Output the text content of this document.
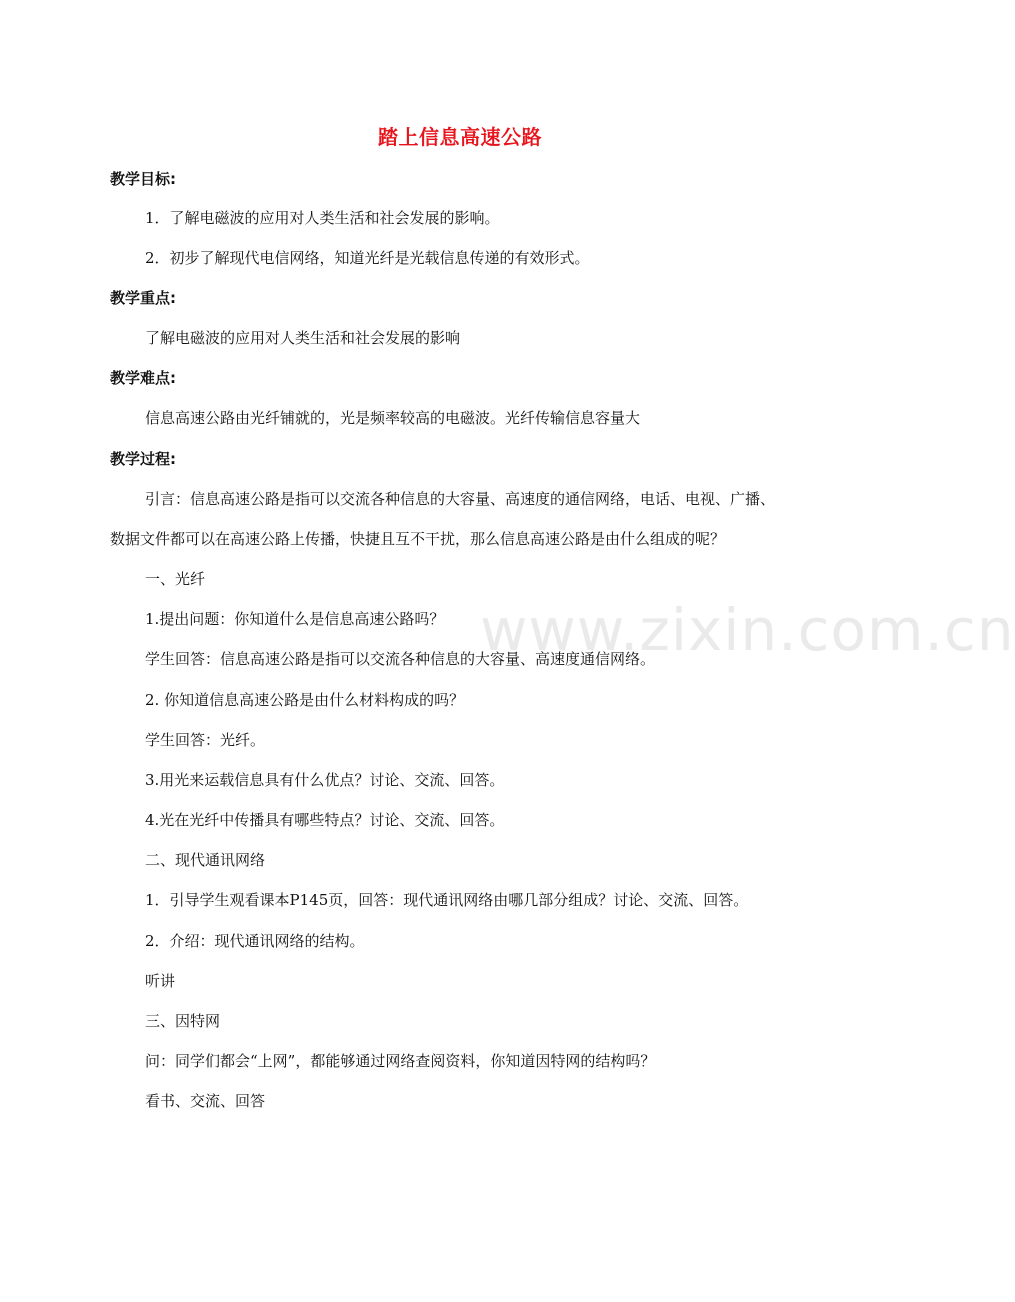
www.zixin.com.cn
踏上信息高速公路
教学目标:
1．了解电磁波的应用对人类生活和社会发展的影响。
2．初步了解现代电信网络，知道光纤是光载信息传递的有效形式。
教学重点:
了解电磁波的应用对人类生活和社会发展的影响
教学难点:
信息高速公路由光纤铺就的，光是频率较高的电磁波。光纤传输信息容量大
教学过程:
引言：信息高速公路是指可以交流各种信息的大容量、高速度的通信网络，电话、电视、广播、
数据文件都可以在高速公路上传播，快捷且互不干扰，那么信息高速公路是由什么组成的呢？
一、光纤
1.提出问题：你知道什么是信息高速公路吗？
学生回答：信息高速公路是指可以交流各种信息的大容量、高速度通信网络。
2. 你知道信息高速公路是由什么材料构成的吗？
学生回答：光纤。
3.用光来运载信息具有什么优点？讨论、交流、回答。
4.光在光纤中传播具有哪些特点？讨论、交流、回答。
二、现代通讯网络
1．引导学生观看课本P145页，回答：现代通讯网络由哪几部分组成？讨论、交流、回答。
2．介绍：现代通讯网络的结构。
听讲
三、因特网
问：同学们都会“上网”，都能够通过网络查阅资料，你知道因特网的结构吗？
看书、交流、回答
